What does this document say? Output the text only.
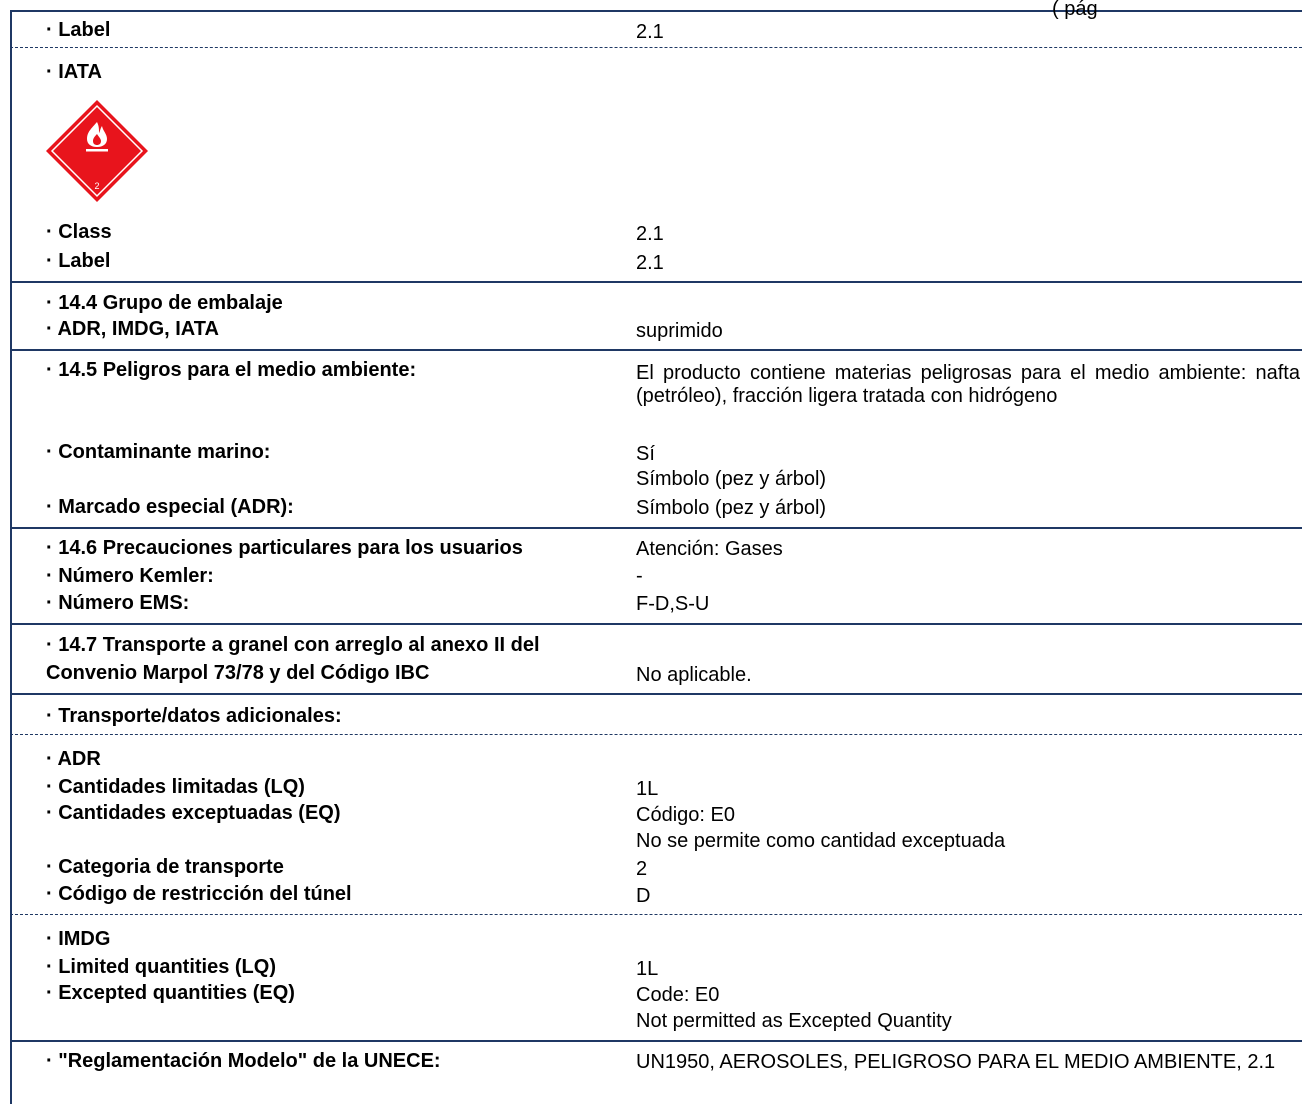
( pág
· Label	2.1
· IATA
2
· Class	2.1
· Label	2.1
· 14.4 Grupo de embalaje
· ADR, IMDG, IATA	suprimido
· 14.5 Peligros para el medio ambiente:	El producto contiene materias peligrosas para el medio ambiente: nafta (petróleo), fracción ligera tratada con hidrógeno
· Contaminante marino:	Sí
Símbolo (pez y árbol)
· Marcado especial (ADR):	Símbolo (pez y árbol)
· 14.6 Precauciones particulares para los usuarios	Atención: Gases
· Número Kemler:	-
· Número EMS:	F-D,S-U
· 14.7 Transporte a granel con arreglo al anexo II del
Convenio Marpol 73/78 y del Código IBC	No aplicable.
· Transporte/datos adicionales:
· ADR
· Cantidades limitadas (LQ)	1L
· Cantidades exceptuadas (EQ)	Código: E0
No se permite como cantidad exceptuada
· Categoria de transporte	2
· Código de restricción del túnel	D
· IMDG
· Limited quantities (LQ)	1L
· Excepted quantities (EQ)	Code: E0
Not permitted as Excepted Quantity
· "Reglamentación Modelo" de la UNECE:	UN1950, AEROSOLES, PELIGROSO PARA EL MEDIO AMBIENTE, 2.1
